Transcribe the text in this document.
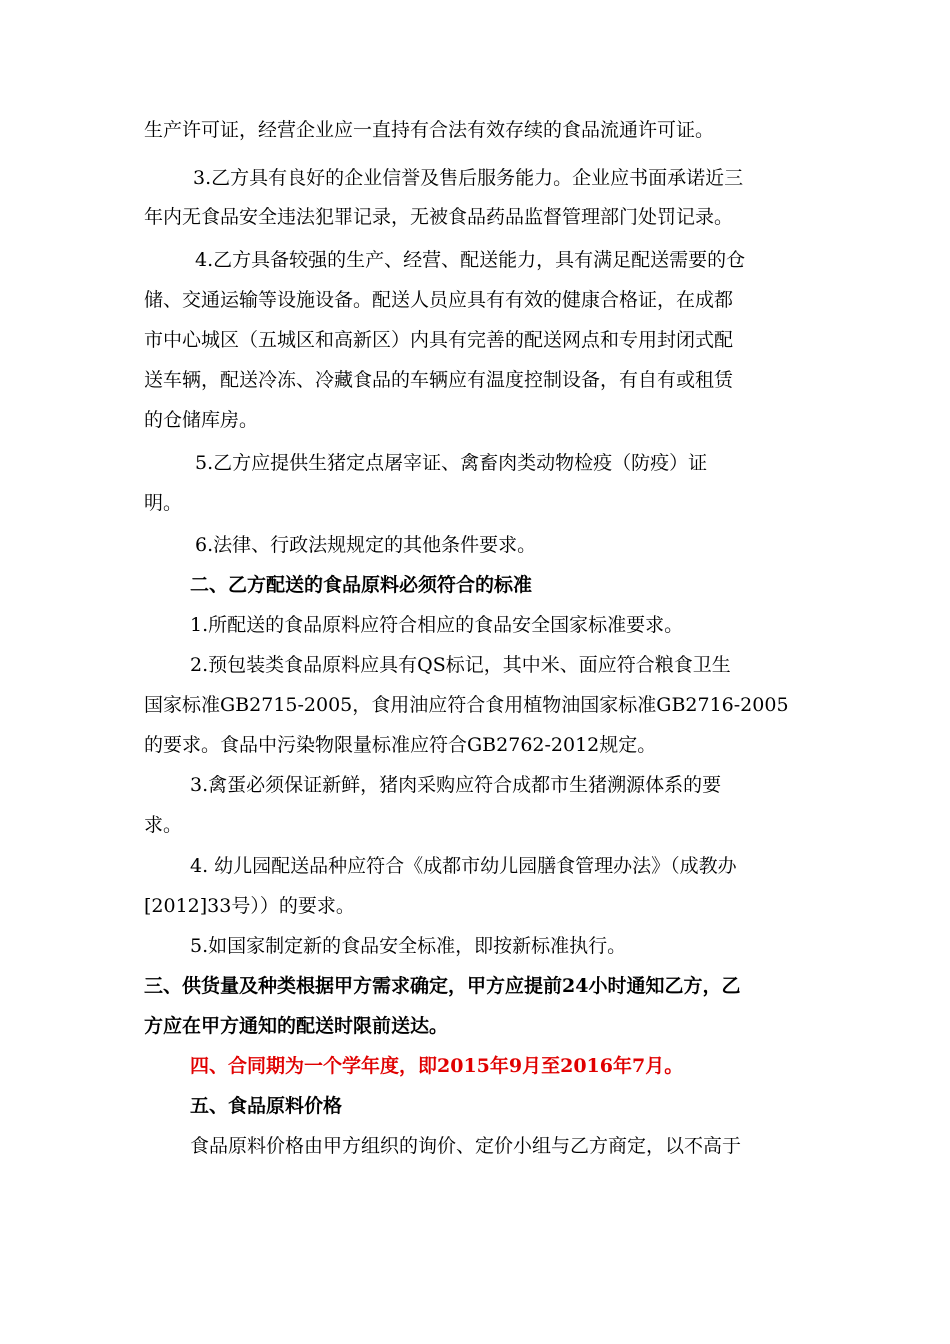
生产许可证，经营企业应一直持有合法有效存续的食品流通许可证。
3.乙方具有良好的企业信誉及售后服务能力。企业应书面承诺近三
年内无食品安全违法犯罪记录，无被食品药品监督管理部门处罚记录。
4.乙方具备较强的生产、经营、配送能力，具有满足配送需要的仓
储、交通运输等设施设备。配送人员应具有有效的健康合格证，在成都
市中心城区（五城区和高新区）内具有完善的配送网点和专用封闭式配
送车辆，配送冷冻、冷藏食品的车辆应有温度控制设备，有自有或租赁
的仓储库房。
5.乙方应提供生猪定点屠宰证、禽畜肉类动物检疫（防疫）证
明。
6.法律、行政法规规定的其他条件要求。
二、乙方配送的食品原料必须符合的标准
1.所配送的食品原料应符合相应的食品安全国家标准要求。
2.预包装类食品原料应具有QS标记，其中米、面应符合粮食卫生
国家标准GB2715-2005，食用油应符合食用植物油国家标准GB2716-2005
的要求。食品中污染物限量标准应符合GB2762-2012规定。
3.禽蛋必须保证新鲜，猪肉采购应符合成都市生猪溯源体系的要
求。
4. 幼儿园配送品种应符合《成都市幼儿园膳食管理办法》（成教办
[2012]33号））的要求。
5.如国家制定新的食品安全标准，即按新标准执行。
三、供货量及种类根据甲方需求确定，甲方应提前24小时通知乙方，乙
方应在甲方通知的配送时限前送达。
四、合同期为一个学年度，即2015年9月至2016年7月。
五、食品原料价格
食品原料价格由甲方组织的询价、定价小组与乙方商定，以不高于
